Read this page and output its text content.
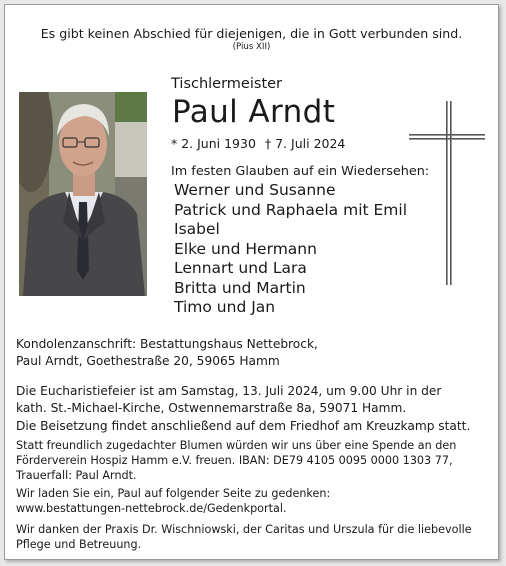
Es gibt keinen Abschied für diejenigen, die in Gott verbunden sind.

(Pius XII)

Tischlermeister

Paul Arndt

* 2. Juni 1930 † 7. Juli 2024

Im festen Glauben auf ein Wiedersehen:

Werner und Susanne
Patrick und Raphaela mit Emil
Isabel
Elke und Hermann
Lennart und Lara
Britta und Martin
Timo und Jan
Kondolenzanschrift: Bestattungshaus Nettebrock,
Paul Arndt, Goethestraße 20, 59065 Hamm
Die Eucharistiefeier ist am Samstag, 13. Juli 2024, um 9.00 Uhr in der
kath. St.-Michael-Kirche, Ostwennemarstraße 8a, 59071 Hamm.
Die Beisetzung findet anschließend auf dem Friedhof am Kreuzkamp statt.
Statt freundlich zugedachter Blumen würden wir uns über eine Spende an den
Förderverein Hospiz Hamm e.V. freuen. IBAN: DE79 4105 0095 0000 1303 77,
Trauerfall: Paul Arndt.
Wir laden Sie ein, Paul auf folgender Seite zu gedenken:
www.bestattungen-nettebrock.de/Gedenkportal.
Wir danken der Praxis Dr. Wischniowski, der Caritas und Urszula für die liebevolle
Pflege und Betreuung.
